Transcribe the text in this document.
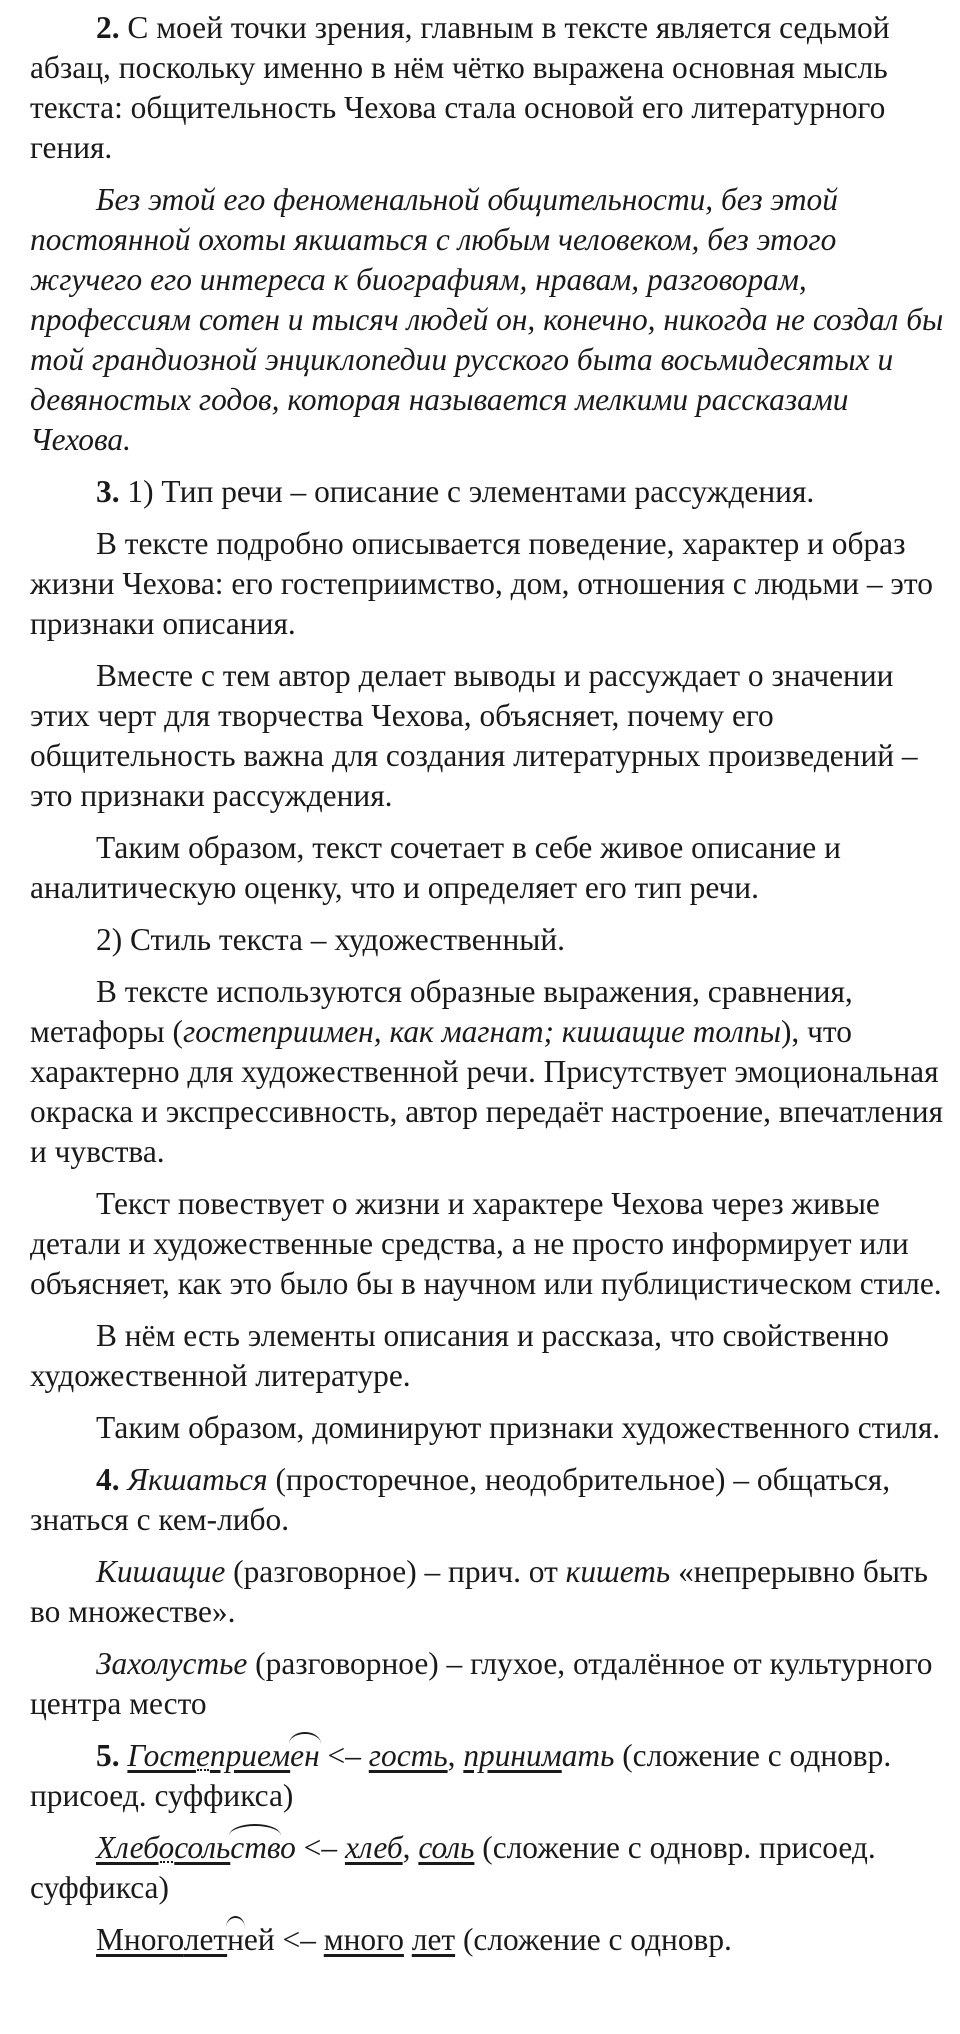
2. С моей точки зрения, главным в тексте является седьмой абзац, поскольку именно в нём чётко выражена основная мысль текста: общительность Чехова стала основой его литературного гения.

Без этой его феноменальной общительности, без этой постоянной охоты якшаться с любым человеком, без этого жгучего его интереса к биографиям, нравам, разговорам, профессиям сотен и тысяч людей он, конечно, никогда не создал бы той грандиозной энциклопедии русского быта восьмидесятых и девяностых годов, которая называется мелкими рассказами Чехова.

3. 1) Тип речи – описание с элементами рассуждения.

В тексте подробно описывается поведение, характер и образ жизни Чехова: его гостеприимство, дом, отношения с людьми – это признаки описания.

Вместе с тем автор делает выводы и рассуждает о значении этих черт для творчества Чехова, объясняет, почему его общительность важна для создания литературных произведений – это признаки рассуждения.

Таким образом, текст сочетает в себе живое описание и аналитическую оценку, что и определяет его тип речи.

2) Стиль текста – художественный.

В тексте используются образные выражения, сравнения, метафоры (гостеприимен, как магнат; кишащие толпы), что характерно для художественной речи. Присутствует эмоциональная окраска и экспрессивность, автор передаёт настроение, впечатления и чувства.

Текст повествует о жизни и характере Чехова через живые детали и художественные средства, а не просто информирует или объясняет, как это было бы в научном или публицистическом стиле.

В нём есть элементы описания и рассказа, что свойственно художественной литературе.

Таким образом, доминируют признаки художественного стиля.

4. Якшаться (просторечное, неодобрительное) – общаться, знаться с кем-либо.

Кишащие (разговорное) – прич. от кишеть «непрерывно быть во множестве».

Захолустье (разговорное) – глухое, отдалённое от культурного центра место

5. Гостеприемен <– гость, принимать (сложение с одновр. присоед. суффикса)

Хлебосольство <– хлеб, соль (сложение с одновр. присоед. суффикса)

Многолетней <– много лет (сложение с одновр.
